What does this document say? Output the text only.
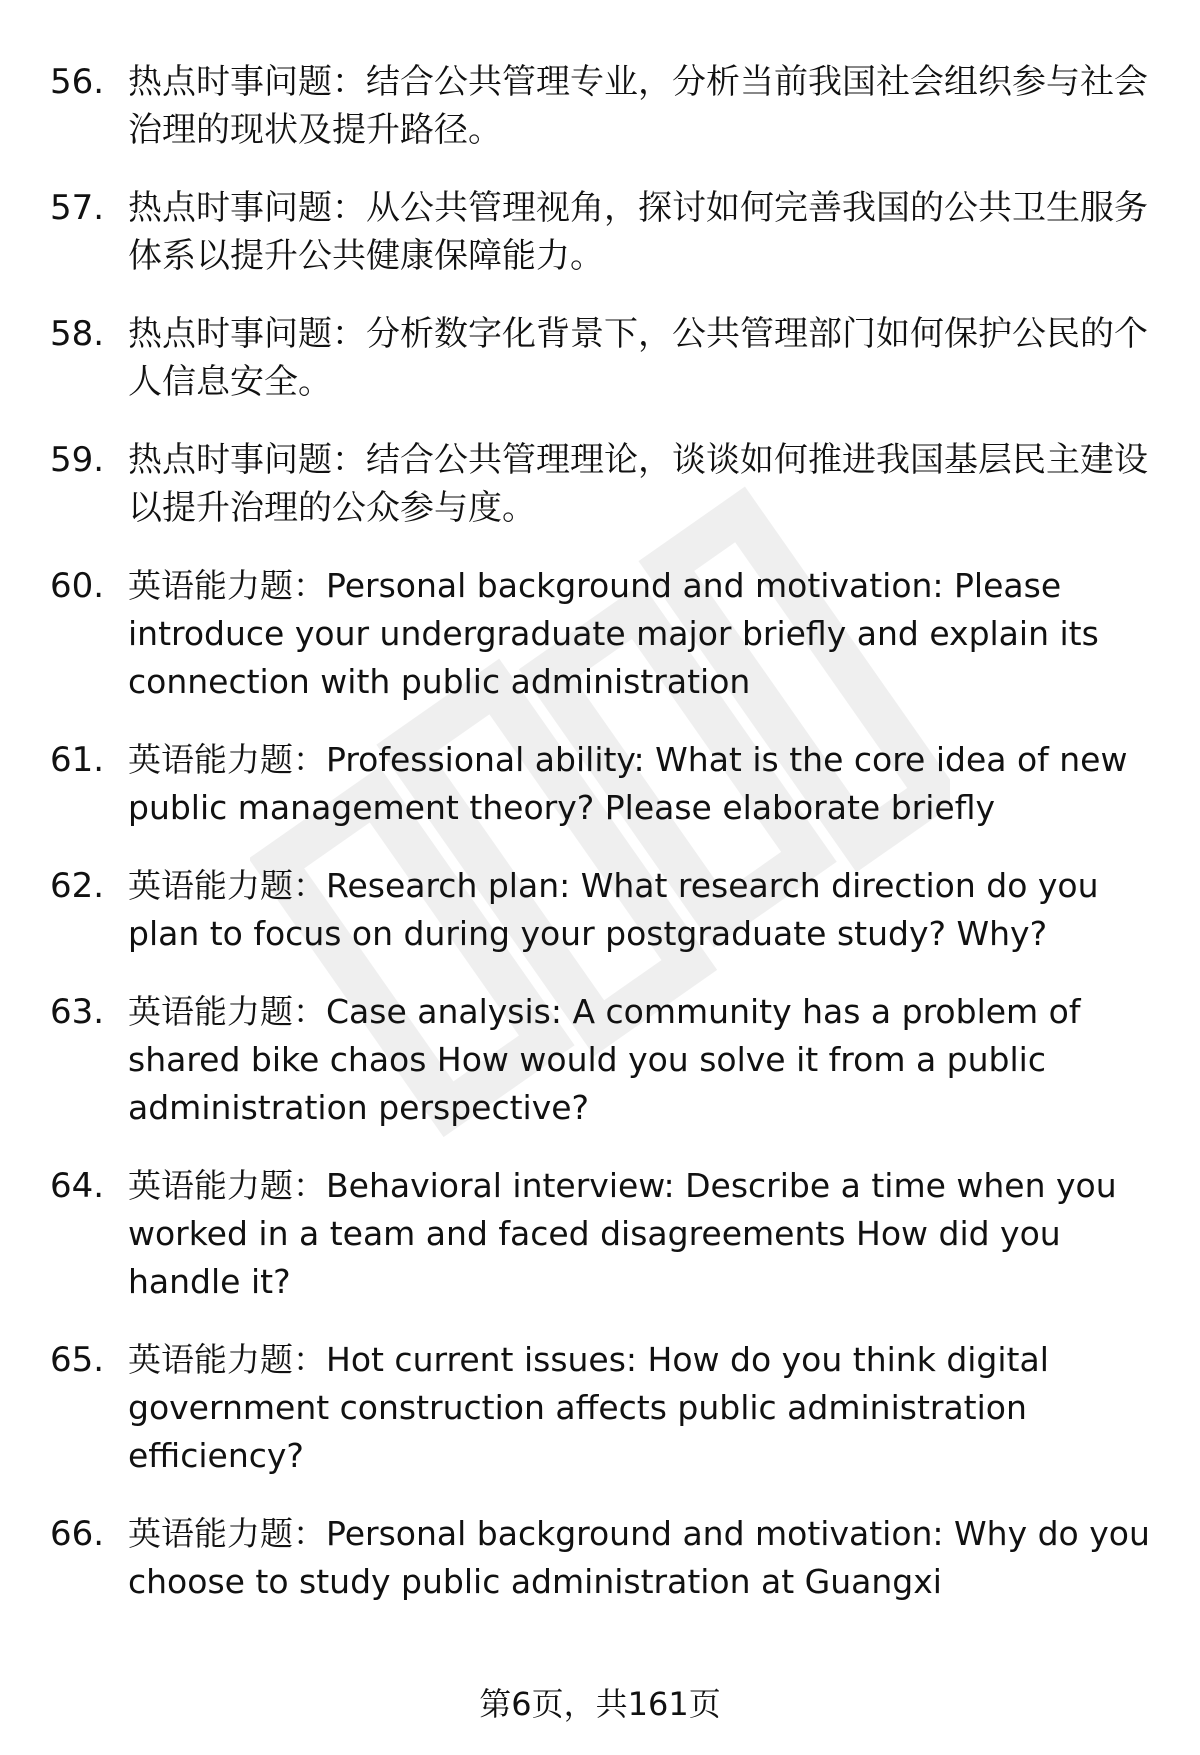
56. 热点时事问题：结合公共管理专业，分析当前我国社会组织参与社会治理的现状及提升路径。
57. 热点时事问题：从公共管理视角，探讨如何完善我国的公共卫生服务体系以提升公共健康保障能力。
58. 热点时事问题：分析数字化背景下，公共管理部门如何保护公民的个人信息安全。
59. 热点时事问题：结合公共管理理论，谈谈如何推进我国基层民主建设以提升治理的公众参与度。
60. 英语能力题：Personal background and motivation: Please introduce your undergraduate major briefly and explain its connection with public administration
61. 英语能力题：Professional ability: What is the core idea of new public management theory? Please elaborate briefly
62. 英语能力题：Research plan: What research direction do you plan to focus on during your postgraduate study? Why?
63. 英语能力题：Case analysis: A community has a problem of shared bike chaos How would you solve it from a public administration perspective?
64. 英语能力题：Behavioral interview: Describe a time when you worked in a team and faced disagreements How did you handle it?
65. 英语能力题：Hot current issues: How do you think digital government construction affects public administration efficiency?
66. 英语能力题：Personal background and motivation: Why do you choose to study public administration at Guangxi
第6页，共161页
